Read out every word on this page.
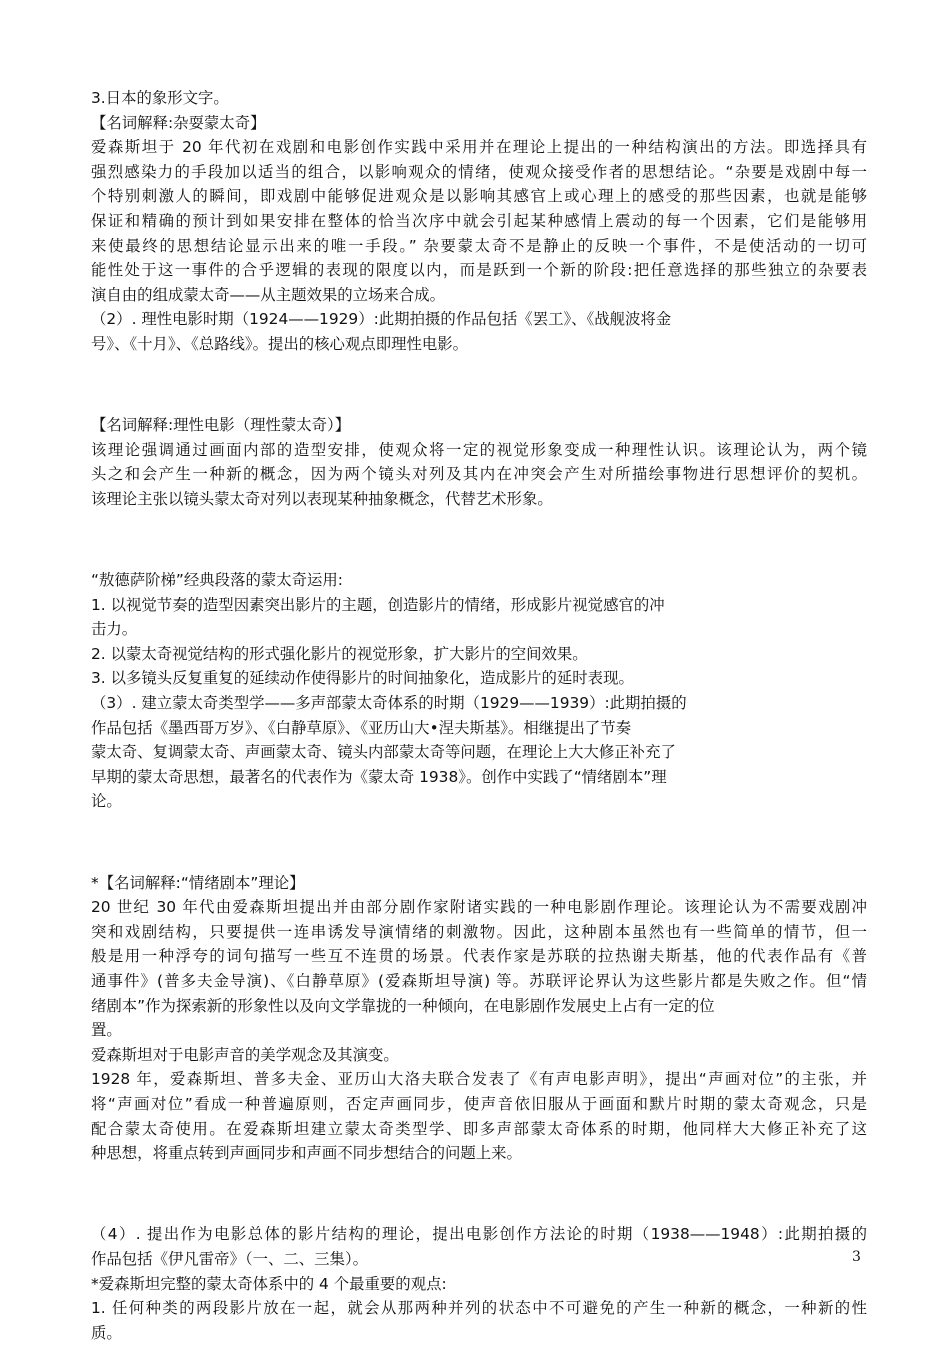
3.日本的象形文字。

【名词解释:杂耍蒙太奇】

爱森斯坦于 20 年代初在戏剧和电影创作实践中采用并在理论上提出的一种结构演出的方法。即选择具有

强烈感染力的手段加以适当的组合，以影响观众的情绪，使观众接受作者的思想结论。“杂要是戏剧中每一

个特别刺激人的瞬间，即戏剧中能够促进观众是以影响其感官上或心理上的感受的那些因素，也就是能够

保证和精确的预计到如果安排在整体的恰当次序中就会引起某种感情上震动的每一个因素，它们是能够用

来使最终的思想结论显示出来的唯一手段。” 杂要蒙太奇不是静止的反映一个事件，不是使活动的一切可

能性处于这一事件的合乎逻辑的表现的限度以内，而是跃到一个新的阶段:把任意选择的那些独立的杂要表

演自由的组成蒙太奇——从主题效果的立场来合成。

（2）. 理性电影时期（1924——1929）:此期拍摄的作品包括《罢工》、《战舰波将金

号》、《十月》、《总路线》。提出的核心观点即理性电影。

【名词解释:理性电影（理性蒙太奇）】

该理论强调通过画面内部的造型安排，使观众将一定的视觉形象变成一种理性认识。该理论认为，两个镜

头之和会产生一种新的概念，因为两个镜头对列及其内在冲突会产生对所描绘事物进行思想评价的契机。

该理论主张以镜头蒙太奇对列以表现某种抽象概念，代替艺术形象。

“敖德萨阶梯”经典段落的蒙太奇运用:

1. 以视觉节奏的造型因素突出影片的主题，创造影片的情绪，形成影片视觉感官的冲

击力。

2. 以蒙太奇视觉结构的形式强化影片的视觉形象，扩大影片的空间效果。

3. 以多镜头反复重复的延续动作使得影片的时间抽象化，造成影片的延时表现。

（3）. 建立蒙太奇类型学——多声部蒙太奇体系的时期（1929——1939）:此期拍摄的

作品包括《墨西哥万岁》、《白静草原》、《亚历山大•涅夫斯基》。相继提出了节奏

蒙太奇、复调蒙太奇、声画蒙太奇、镜头内部蒙太奇等问题，在理论上大大修正补充了

早期的蒙太奇思想，最著名的代表作为《蒙太奇 1938》。创作中实践了“情绪剧本”理

论。

*【名词解释:“情绪剧本”理论】

20 世纪 30 年代由爱森斯坦提出并由部分剧作家附诸实践的一种电影剧作理论。该理论认为不需要戏剧冲

突和戏剧结构，只要提供一连串诱发导演情绪的刺激物。因此，这种剧本虽然也有一些简单的情节，但一

般是用一种浮夸的词句描写一些互不连贯的场景。代表作家是苏联的拉热谢夫斯基，他的代表作品有《普

通事件》(普多夫金导演)、《白静草原》(爱森斯坦导演) 等。苏联评论界认为这些影片都是失败之作。但“情

绪剧本”作为探索新的形象性以及向文学靠拢的一种倾向，在电影剧作发展史上占有一定的位

置。

爱森斯坦对于电影声音的美学观念及其演变。

1928 年，爱森斯坦、普多夫金、亚历山大洛夫联合发表了《有声电影声明》，提出“声画对位”的主张，并

将“声画对位”看成一种普遍原则，否定声画同步，使声音依旧服从于画面和默片时期的蒙太奇观念，只是

配合蒙太奇使用。在爱森斯坦建立蒙太奇类型学、即多声部蒙太奇体系的时期，他同样大大修正补充了这

种思想，将重点转到声画同步和声画不同步想结合的问题上来。

（4）. 提出作为电影总体的影片结构的理论，提出电影创作方法论的时期（1938——1948）:此期拍摄的

作品包括《伊凡雷帝》（一、二、三集）。

*爱森斯坦完整的蒙太奇体系中的 4 个最重要的观点:

1. 任何种类的两段影片放在一起，就会从那两种并列的状态中不可避免的产生一种新的概念，一种新的性

质。

3
